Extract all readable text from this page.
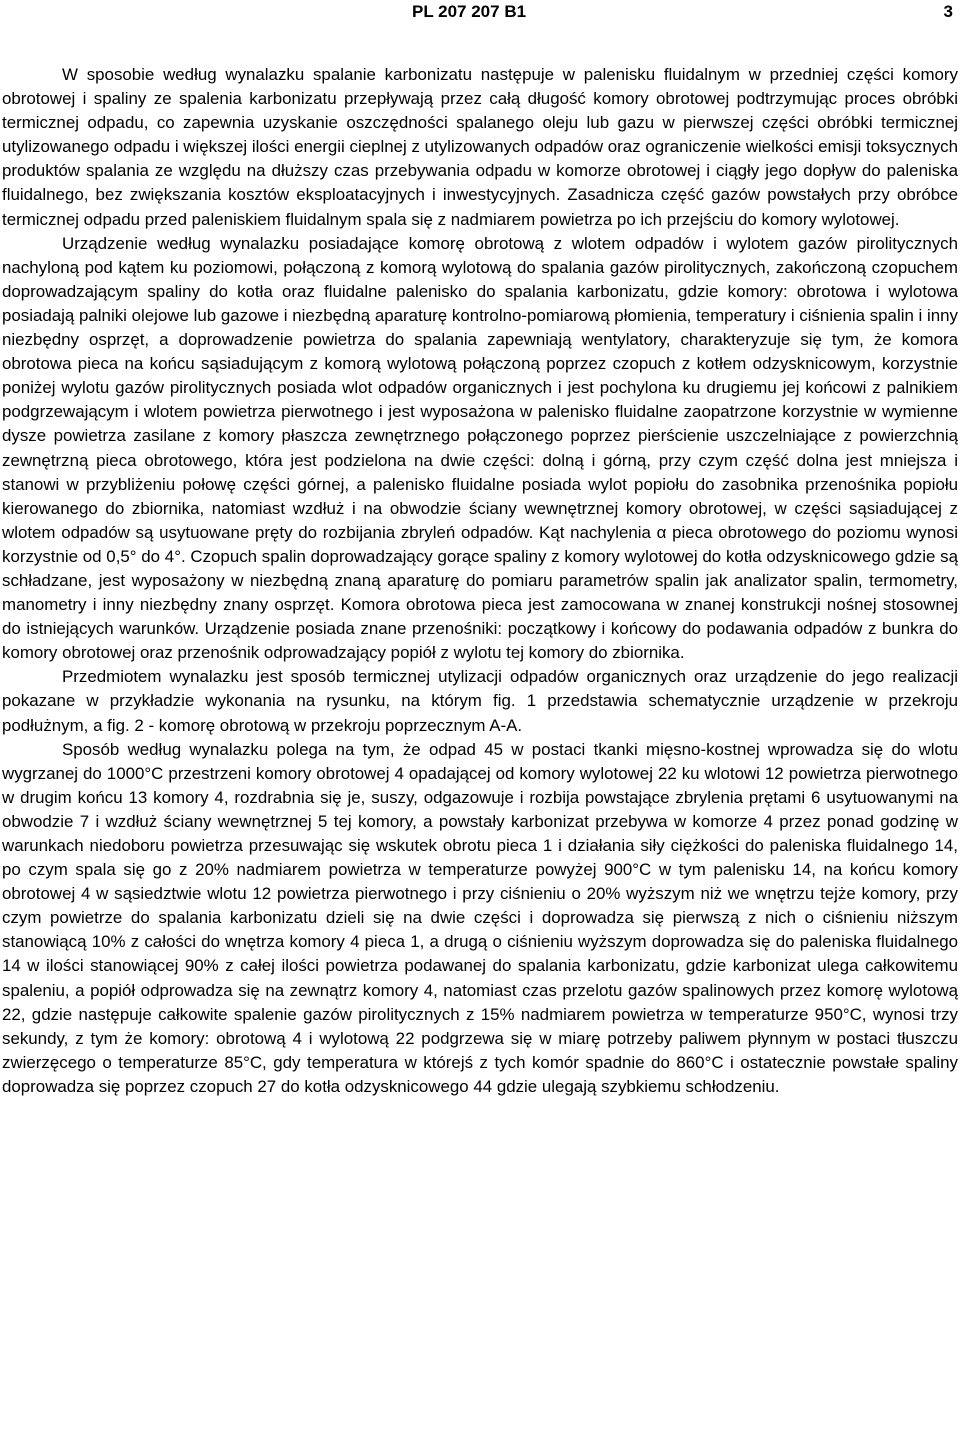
PL 207 207 B1	3

W sposobie według wynalazku spalanie karbonizatu następuje w palenisku fluidalnym w przedniej części komory obrotowej i spaliny ze spalenia karbonizatu przepływają przez całą długość komory obrotowej podtrzymując proces obróbki termicznej odpadu, co zapewnia uzyskanie oszczędności spalanego oleju lub gazu w pierwszej części obróbki termicznej utylizowanego odpadu i większej ilości energii cieplnej z utylizowanych odpadów oraz ograniczenie wielkości emisji toksycznych produktów spalania ze względu na dłuższy czas przebywania odpadu w komorze obrotowej i ciągły jego dopływ do paleniska fluidalnego, bez zwiększania kosztów eksploatacyjnych i inwestycyjnych. Zasadnicza część gazów powstałych przy obróbce termicznej odpadu przed paleniskiem fluidalnym spala się z nadmiarem powietrza po ich przejściu do komory wylotowej.

Urządzenie według wynalazku posiadające komorę obrotową z wlotem odpadów i wylotem gazów pirolitycznych nachyloną pod kątem ku poziomowi, połączoną z komorą wylotową do spalania gazów pirolitycznych, zakończoną czopuchem doprowadzającym spaliny do kotła oraz fluidalne palenisko do spalania karbonizatu, gdzie komory: obrotowa i wylotowa posiadają palniki olejowe lub gazowe i niezbędną aparaturę kontrolno-pomiarową płomienia, temperatury i ciśnienia spalin i inny niezbędny osprzęt, a doprowadzenie powietrza do spalania zapewniają wentylatory, charakteryzuje się tym, że komora obrotowa pieca na końcu sąsiadującym z komorą wylotową połączoną poprzez czopuch z kotłem odzysknicowym, korzystnie poniżej wylotu gazów pirolitycznych posiada wlot odpadów organicznych i jest pochylona ku drugiemu jej końcowi z palnikiem podgrzewającym i wlotem powietrza pierwotnego i jest wyposażona w palenisko fluidalne zaopatrzone korzystnie w wymienne dysze powietrza zasilane z komory płaszcza zewnętrznego połączonego poprzez pierścienie uszczelniające z powierzchnią zewnętrzną pieca obrotowego, która jest podzielona na dwie części: dolną i górną, przy czym część dolna jest mniejsza i stanowi w przybliżeniu połowę części górnej, a palenisko fluidalne posiada wylot popiołu do zasobnika przenośnika popiołu kierowanego do zbiornika, natomiast wzdłuż i na obwodzie ściany wewnętrznej komory obrotowej, w części sąsiadującej z wlotem odpadów są usytuowane pręty do rozbijania zbryleń odpadów. Kąt nachylenia α pieca obrotowego do poziomu wynosi korzystnie od 0,5° do 4°. Czopuch spalin doprowadzający gorące spaliny z komory wylotowej do kotła odzysknicowego gdzie są schładzane, jest wyposażony w niezbędną znaną aparaturę do pomiaru parametrów spalin jak analizator spalin, termometry, manometry i inny niezbędny znany osprzęt. Komora obrotowa pieca jest zamocowana w znanej konstrukcji nośnej stosownej do istniejących warunków. Urządzenie posiada znane przenośniki: początkowy i końcowy do podawania odpadów z bunkra do komory obrotowej oraz przenośnik odprowadzający popiół z wylotu tej komory do zbiornika.

Przedmiotem wynalazku jest sposób termicznej utylizacji odpadów organicznych oraz urządzenie do jego realizacji pokazane w przykładzie wykonania na rysunku, na którym fig. 1 przedstawia schematycznie urządzenie w przekroju podłużnym, a fig. 2 - komorę obrotową w przekroju poprzecznym A-A.

Sposób według wynalazku polega na tym, że odpad 45 w postaci tkanki mięsno-kostnej wprowadza się do wlotu wygrzanej do 1000°C przestrzeni komory obrotowej 4 opadającej od komory wylotowej 22 ku wlotowi 12 powietrza pierwotnego w drugim końcu 13 komory 4, rozdrabnia się je, suszy, odgazowuje i rozbija powstające zbrylenia prętami 6 usytuowanymi na obwodzie 7 i wzdłuż ściany wewnętrznej 5 tej komory, a powstały karbonizat przebywa w komorze 4 przez ponad godzinę w warunkach niedoboru powietrza przesuwając się wskutek obrotu pieca 1 i działania siły ciężkości do paleniska fluidalnego 14, po czym spala się go z 20% nadmiarem powietrza w temperaturze powyżej 900°C w tym palenisku 14, na końcu komory obrotowej 4 w sąsiedztwie wlotu 12 powietrza pierwotnego i przy ciśnieniu o 20% wyższym niż we wnętrzu tejże komory, przy czym powietrze do spalania karbonizatu dzieli się na dwie części i doprowadza się pierwszą z nich o ciśnieniu niższym stanowiącą 10% z całości do wnętrza komory 4 pieca 1, a drugą o ciśnieniu wyższym doprowadza się do paleniska fluidalnego 14 w ilości stanowiącej 90% z całej ilości powietrza podawanej do spalania karbonizatu, gdzie karbonizat ulega całkowitemu spaleniu, a popiół odprowadza się na zewnątrz komory 4, natomiast czas przelotu gazów spalinowych przez komorę wylotową 22, gdzie następuje całkowite spalenie gazów pirolitycznych z 15% nadmiarem powietrza w temperaturze 950°C, wynosi trzy sekundy, z tym że komory: obrotową 4 i wylotową 22 podgrzewa się w miarę potrzeby paliwem płynnym w postaci tłuszczu zwierzęcego o temperaturze 85°C, gdy temperatura w którejś z tych komór spadnie do 860°C i ostatecznie powstałe spaliny doprowadza się poprzez czopuch 27 do kotła odzysknicowego 44 gdzie ulegają szybkiemu schłodzeniu.
